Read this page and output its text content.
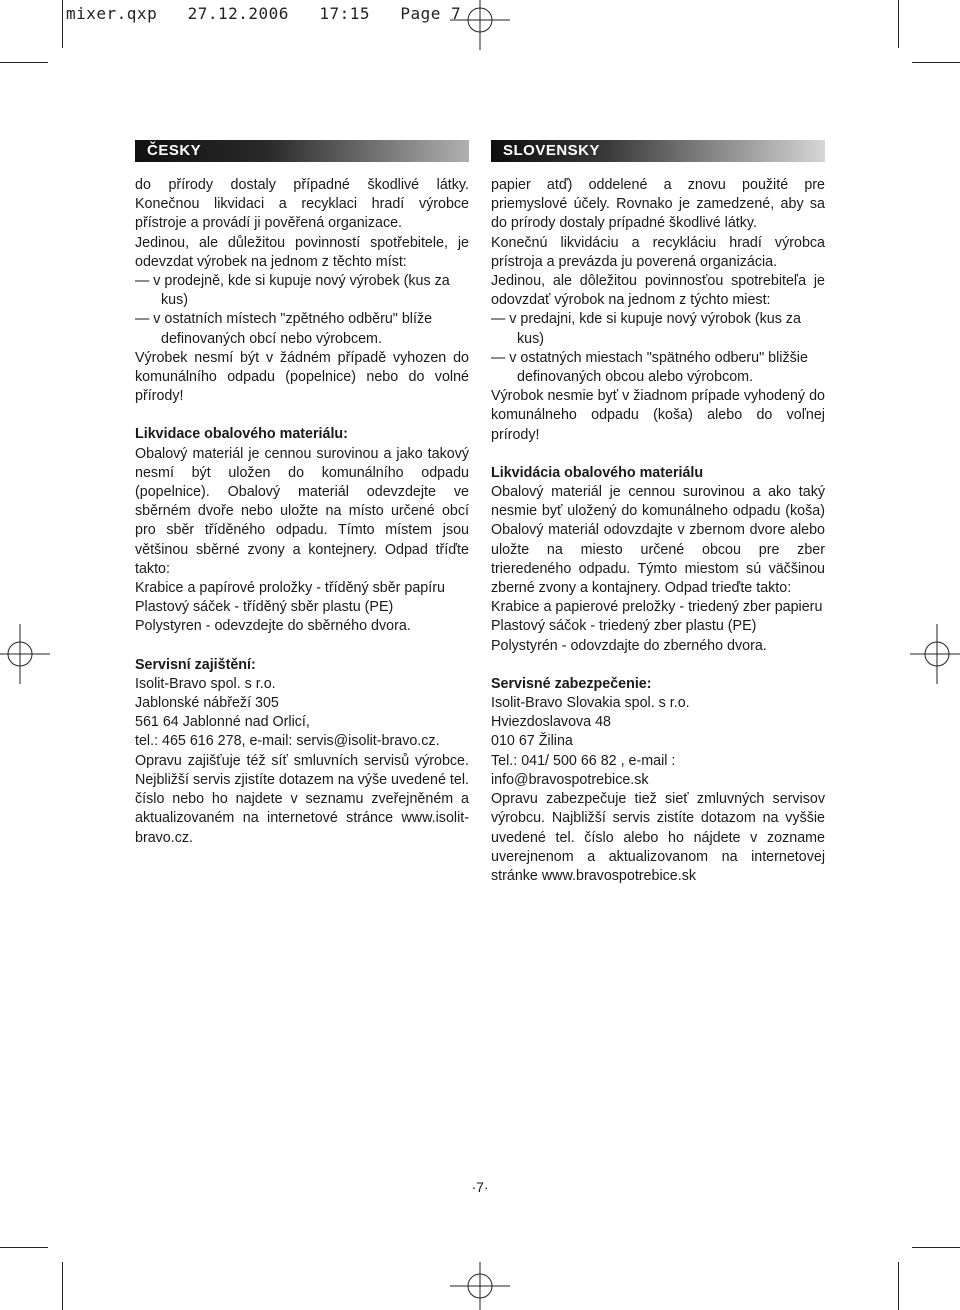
mixer.qxp   27.12.2006   17:15   Page 7
ČESKY

do přírody dostaly případné škodlivé látky. Konečnou likvidaci a recyklaci hradí výrobce přístroje a provádí ji pověřená organizace.

Jedinou, ale důležitou povinností spotřebitele, je odevzdat výrobek na jednom z těchto míst:

— v prodejně, kde si kupuje nový výrobek (kus za kus)

— v ostatních místech "zpětného odběru" blíže definovaných obcí nebo výrobcem.

Výrobek nesmí být v žádném případě vyhozen do komunálního odpadu (popelnice) nebo do volné přírody!

Likvidace obalového materiálu:

Obalový materiál je cennou surovinou a jako takový nesmí být uložen do komunálního odpadu (popelnice). Obalový materiál odevzdejte ve sběrném dvoře nebo uložte na místo určené obcí pro sběr tříděného odpadu. Tímto místem jsou většinou sběrné zvony a kontejnery. Odpad tříďte takto:

Krabice a papírové proložky - tříděný sběr papíru

Plastový sáček - tříděný sběr plastu (PE)

Polystyren - odevzdejte do sběrného dvora.

Servisní zajištění:

Isolit-Bravo spol. s r.o.

Jablonské nábřeží 305

561 64 Jablonné nad Orlicí,

tel.: 465 616 278, e-mail: servis@isolit-bravo.cz.

Opravu zajišťuje též síť smluvních servisů výrobce. Nejbližší servis zjistíte dotazem na výše uvedené tel. číslo nebo ho najdete v seznamu zveřejněném a aktualizovaném na internetové stránce www.isolit-bravo.cz.

SLOVENSKY

papier atď) oddelené a znovu použité pre priemyslové účely. Rovnako je zamedzené, aby sa do prírody dostaly prípadné škodlivé látky.

Konečnú likvidáciu a recykláciu hradí výrobca prístroja a prevázda ju poverená organizácia.

Jedinou, ale dôležitou povinnosťou spotrebiteľa je odovzdať výrobok na jednom z týchto miest:

— v predajni, kde si kupuje nový výrobok (kus za kus)

— v ostatných miestach "spätného odberu" bližšie definovaných obcou alebo výrobcom.

Výrobok nesmie byť v žiadnom prípade vyhodený do komunálneho odpadu (koša) alebo do voľnej prírody!

Likvidácia obalového materiálu

Obalový materiál je cennou surovinou a ako taký nesmie byť uložený do komunálneho odpadu (koša) Obalový materiál odovzdajte v zbernom dvore alebo uložte na miesto určené obcou pre zber trieredeného odpadu. Týmto miestom sú väčšinou zberné zvony a kontajnery. Odpad trieďte takto:

Krabice a papierové preložky - triedený zber papieru

Plastový sáčok - triedený zber plastu (PE)

Polystyrén - odovzdajte do zberného dvora.

Servisné zabezpečenie:

Isolit-Bravo Slovakia spol. s r.o.

Hviezdoslavova 48

010 67 Žilina

Tel.: 041/ 500 66 82 , e-mail : info@bravospotrebice.sk

Opravu zabezpečuje tiež sieť zmluvných servisov výrobcu. Najbližší servis zistíte dotazom na vyššie uvedené tel. číslo alebo ho nájdete v zozname uverejnenom a aktualizovanom na internetovej stránke www.bravospotrebice.sk

·7·
